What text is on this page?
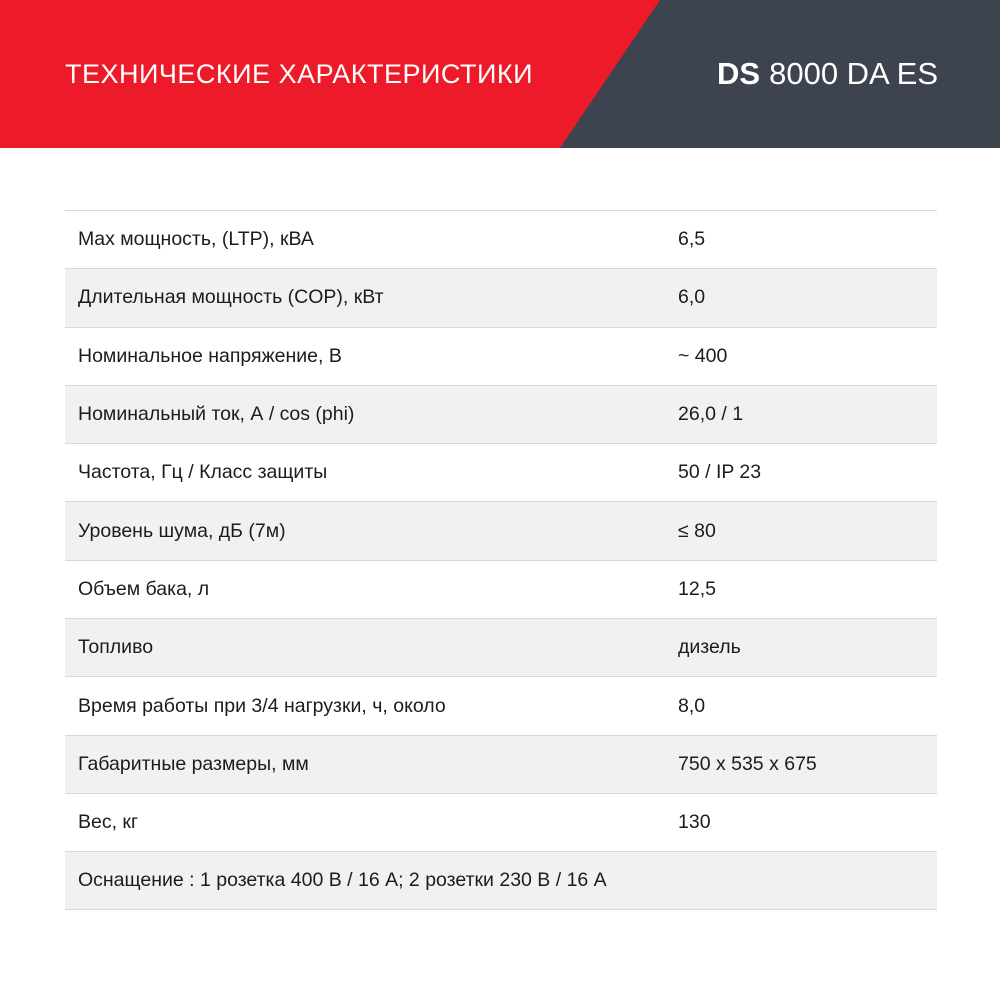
ТЕХНИЧЕСКИЕ ХАРАКТЕРИСТИКИ	DS 8000 DA ES
Max мощность, (LTP), кВА	6,5
Длительная мощность (COP), кВт	6,0
Номинальное напряжение, В	~ 400
Номинальный ток, А / cos (phi)	26,0 / 1
Частота, Гц / Класс защиты	50 / IP 23
Уровень шума, дБ (7м)	≤ 80
Объем бака, л	12,5
Топливо	дизель
Время работы при 3/4 нагрузки, ч, около	8,0
Габаритные размеры, мм	750 x 535 x 675
Вес, кг	130
Оснащение : 1 розетка 400 В / 16 А; 2 розетки 230 В / 16 А
